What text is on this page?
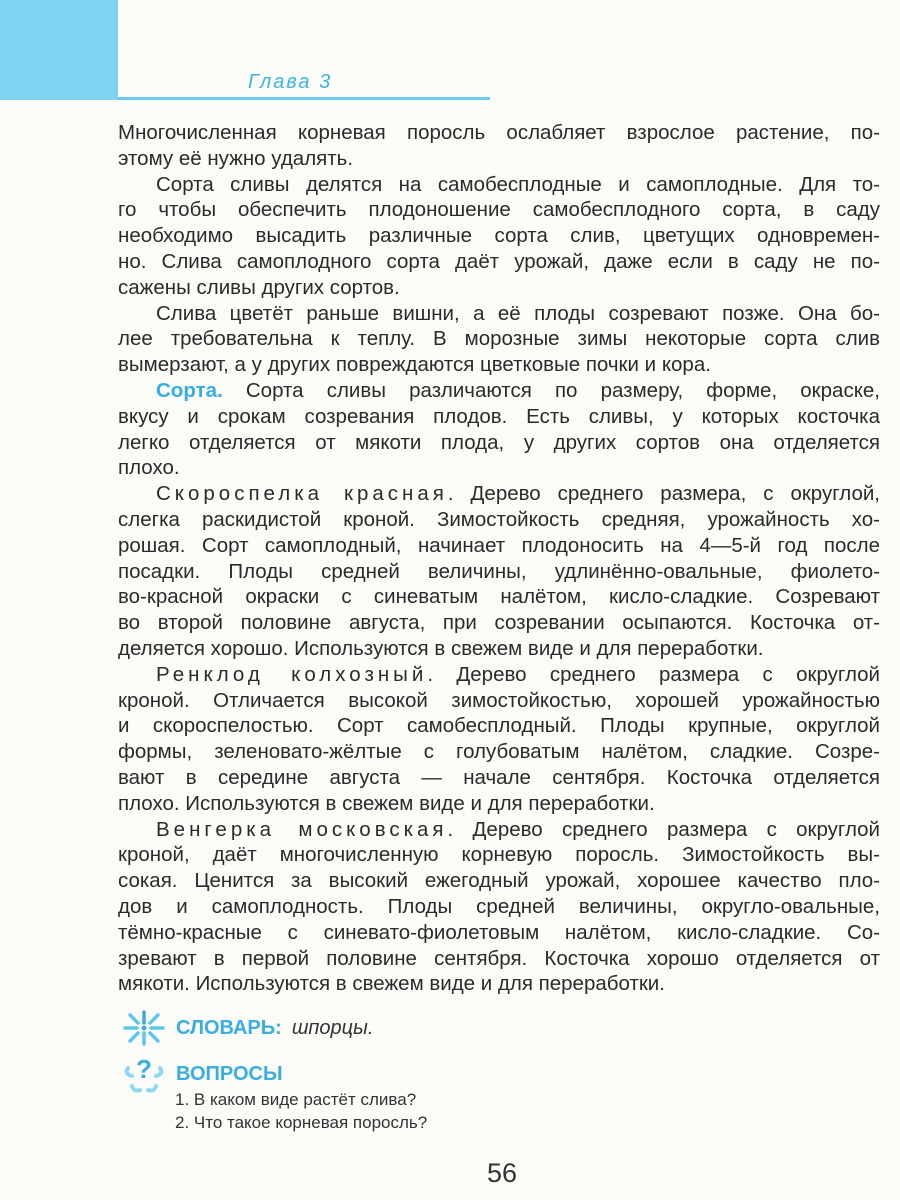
Глава 3
Многочисленная корневая поросль ослабляет взрослое растение, по-
этому её нужно удалять.
Сорта сливы делятся на самобесплодные и самоплодные. Для то-
го чтобы обеспечить плодоношение самобесплодного сорта, в саду
необходимо высадить различные сорта слив, цветущих одновремен-
но. Слива самоплодного сорта даёт урожай, даже если в саду не по-
сажены сливы других сортов.
Слива цветёт раньше вишни, а её плоды созревают позже. Она бо-
лее требовательна к теплу. В морозные зимы некоторые сорта слив
вымерзают, а у других повреждаются цветковые почки и кора.
Сорта. Сорта сливы различаются по размеру, форме, окраске,
вкусу и срокам созревания плодов. Есть сливы, у которых косточка
легко отделяется от мякоти плода, у других сортов она отделяется
плохо.
Скороспелка красная. Дерево среднего размера, с округлой,
слегка раскидистой кроной. Зимостойкость средняя, урожайность хо-
рошая. Сорт самоплодный, начинает плодоносить на 4—5-й год после
посадки. Плоды средней величины, удлинённо-овальные, фиолето-
во-красной окраски с синеватым налётом, кисло-сладкие. Созревают
во второй половине августа, при созревании осыпаются. Косточка от-
деляется хорошо. Используются в свежем виде и для переработки.
Ренклод колхозный. Дерево среднего размера с округлой
кроной. Отличается высокой зимостойкостью, хорошей урожайностью
и скороспелостью. Сорт самобесплодный. Плоды крупные, округлой
формы, зеленовато-жёлтые с голубоватым налётом, сладкие. Созре-
вают в середине августа — начале сентября. Косточка отделяется
плохо. Используются в свежем виде и для переработки.
Венгерка московская. Дерево среднего размера с округлой
кроной, даёт многочисленную корневую поросль. Зимостойкость вы-
сокая. Ценится за высокий ежегодный урожай, хорошее качество пло-
дов и самоплодность. Плоды средней величины, округло-овальные,
тёмно-красные с синевато-фиолетовым налётом, кисло-сладкие. Со-
зревают в первой половине сентября. Косточка хорошо отделяется от
мякоти. Используются в свежем виде и для переработки.
СЛОВАРЬ: шпорцы.
? ВОПРОСЫ
1. В каком виде растёт слива?
2. Что такое корневая поросль?
56
